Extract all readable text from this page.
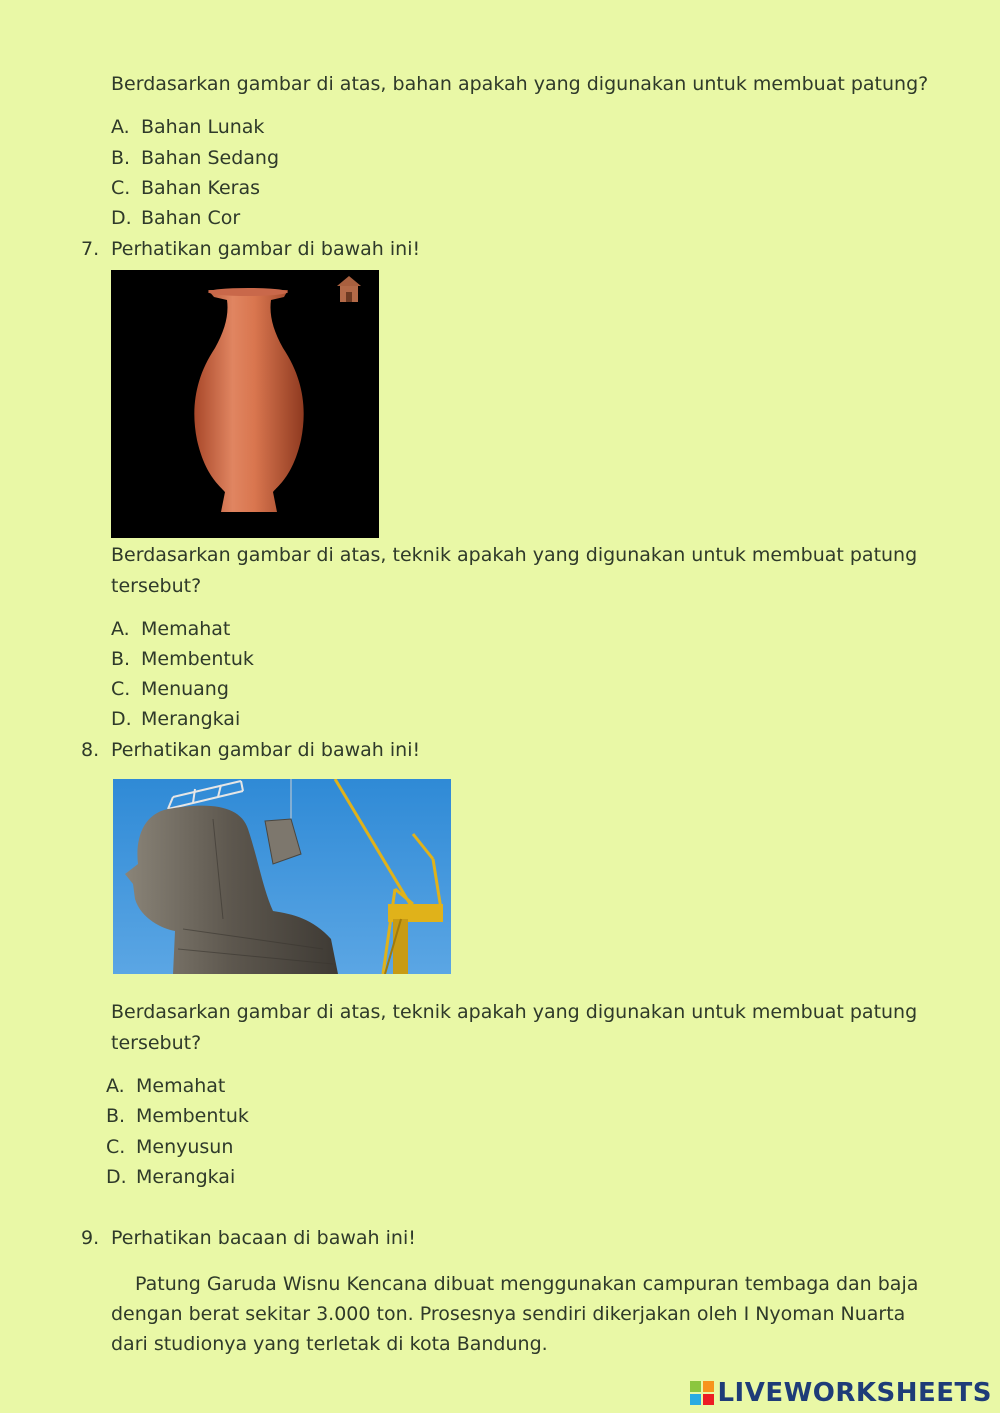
Berdasarkan gambar di atas, bahan apakah yang digunakan untuk membuat patung?
A. Bahan Lunak
B. Bahan Sedang
C. Bahan Keras
D. Bahan Cor
7. Perhatikan gambar di bawah ini!
Berdasarkan gambar di atas, teknik apakah yang digunakan untuk membuat patung
tersebut?
A. Memahat
B. Membentuk
C. Menuang
D. Merangkai
8. Perhatikan gambar di bawah ini!
Berdasarkan gambar di atas, teknik apakah yang digunakan untuk membuat patung
tersebut?
A. Memahat
B. Membentuk
C. Menyusun
D. Merangkai
9. Perhatikan bacaan di bawah ini!
Patung Garuda Wisnu Kencana dibuat menggunakan campuran tembaga dan baja
dengan berat sekitar 3.000 ton. Prosesnya sendiri dikerjakan oleh I Nyoman Nuarta
dari studionya yang terletak di kota Bandung.
LIVEWORKSHEETS
